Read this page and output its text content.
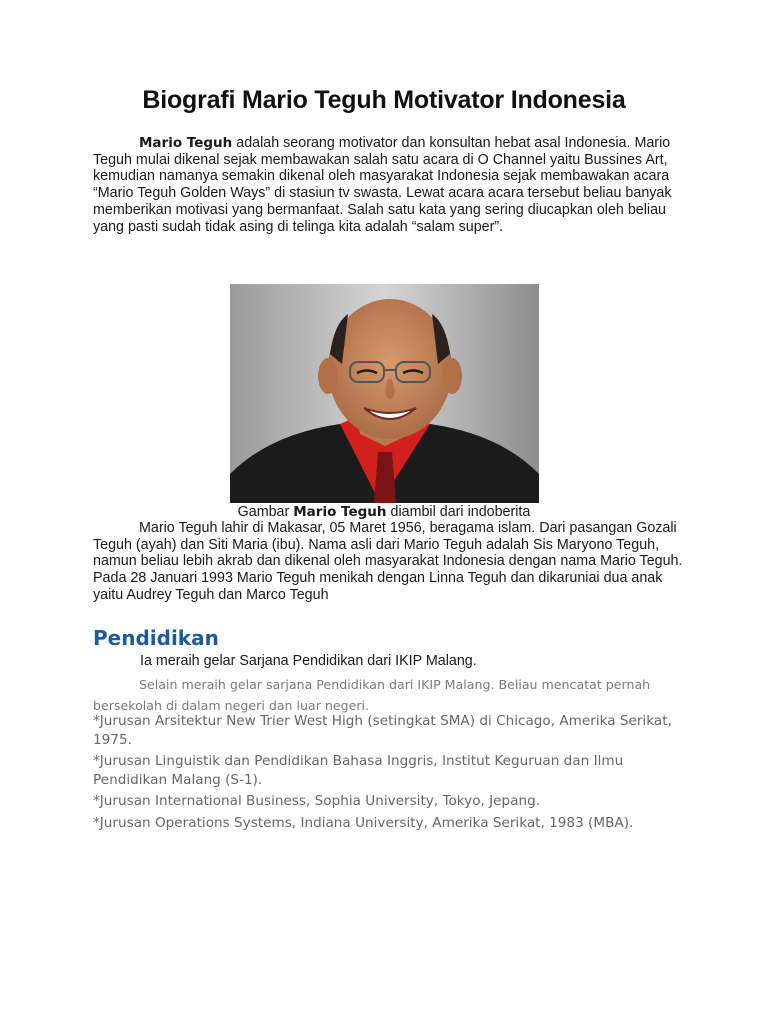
Biografi Mario Teguh Motivator Indonesia

Mario Teguh adalah seorang motivator dan konsultan hebat asal Indonesia. Mario Teguh mulai dikenal sejak membawakan salah satu acara di O Channel yaitu Bussines Art, kemudian namanya semakin dikenal oleh masyarakat Indonesia sejak membawakan acara “Mario Teguh Golden Ways” di stasiun tv swasta. Lewat acara acara tersebut beliau banyak memberikan motivasi yang bermanfaat. Salah satu kata yang sering diucapkan oleh beliau yang pasti sudah tidak asing di telinga kita adalah “salam super”.

Gambar Mario Teguh diambil dari indoberita

Mario Teguh lahir di Makasar, 05 Maret 1956, beragama islam. Dari pasangan Gozali Teguh (ayah) dan Siti Maria (ibu). Nama asli dari Mario Teguh adalah Sis Maryono Teguh, namun beliau lebih akrab dan dikenal oleh masyarakat Indonesia dengan nama Mario Teguh. Pada 28 Januari 1993 Mario Teguh menikah dengan Linna Teguh dan dikaruniai dua anak yaitu Audrey Teguh dan Marco Teguh

Pendidikan
Ia meraih gelar Sarjana Pendidikan dari IKIP Malang.

Selain meraih gelar sarjana Pendidikan dari IKIP Malang. Beliau mencatat pernah bersekolah di dalam negeri dan luar negeri.

*Jurusan Arsitektur New Trier West High (setingkat SMA) di Chicago, Amerika Serikat, 1975.
*Jurusan Linguistik dan Pendidikan Bahasa Inggris, Institut Keguruan dan Ilmu Pendidikan Malang (S-1).
*Jurusan International Business, Sophia University, Tokyo, Jepang.
*Jurusan Operations Systems, Indiana University, Amerika Serikat, 1983 (MBA).
